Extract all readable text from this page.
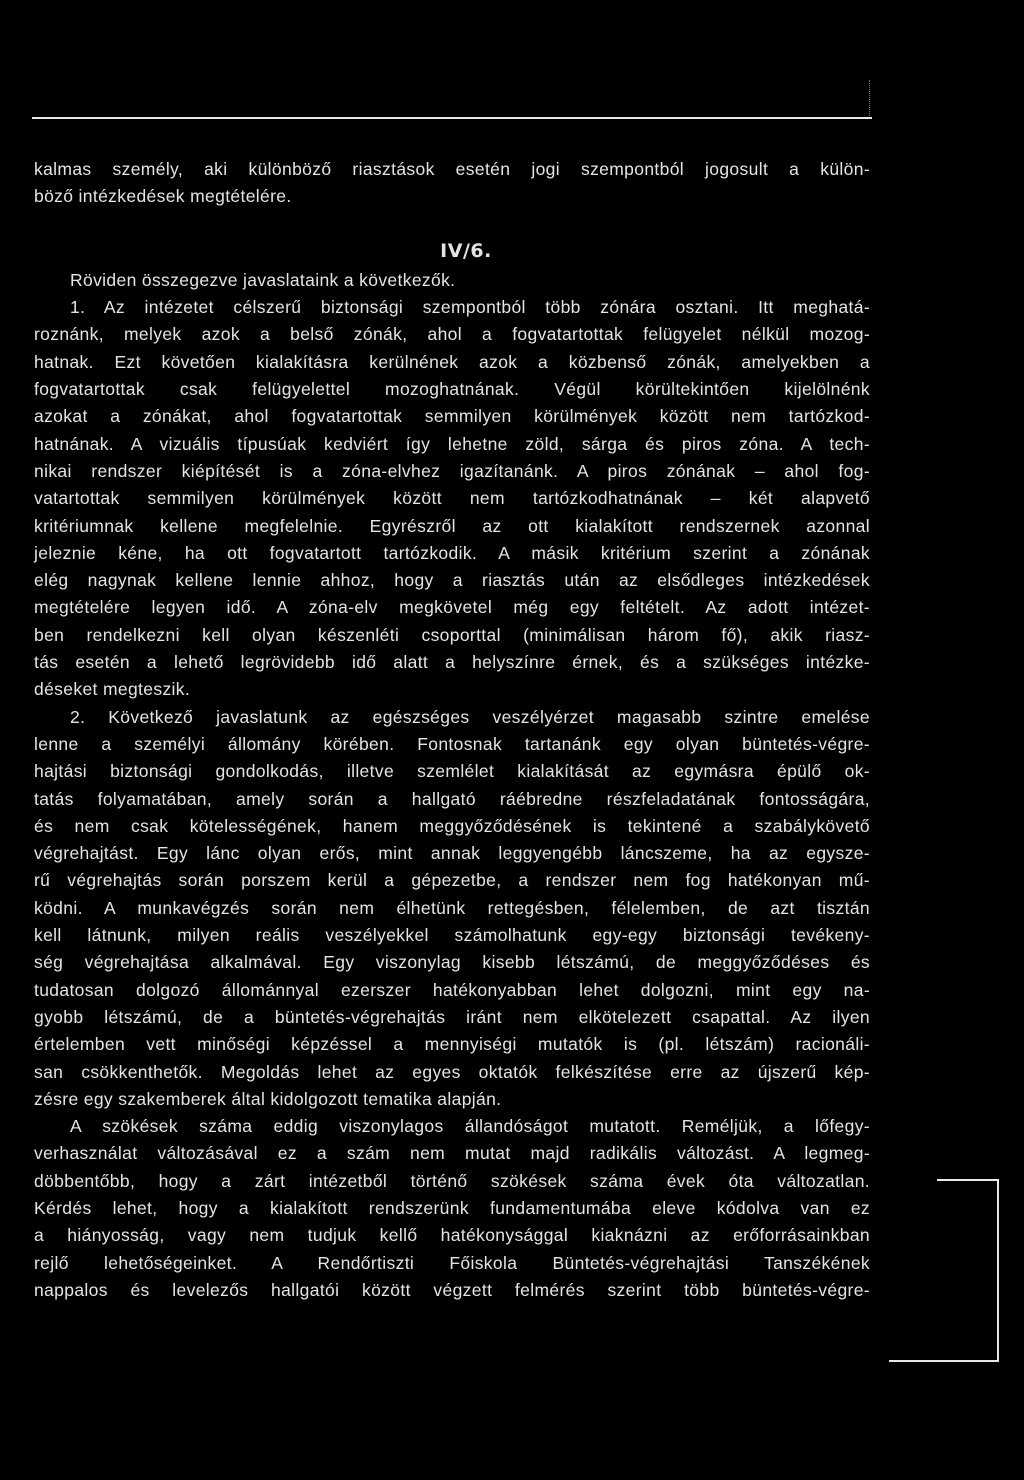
kalmas személy, aki különböző riasztások esetén jogi szempontból jogosult a külön-
böző intézkedések megtételére.
IV/6.
Röviden összegezve javaslataink a következők.
1. Az intézetet célszerű biztonsági szempontból több zónára osztani. Itt meghatá-
roznánk, melyek azok a belső zónák, ahol a fogvatartottak felügyelet nélkül mozog-
hatnak. Ezt követően kialakításra kerülnének azok a közbenső zónák, amelyekben a
fogvatartottak csak felügyelettel mozoghatnának. Végül körültekintően kijelölnénk
azokat a zónákat, ahol fogvatartottak semmilyen körülmények között nem tartózkod-
hatnának. A vizuális típusúak kedviért így lehetne zöld, sárga és piros zóna. A tech-
nikai rendszer kiépítését is a zóna-elvhez igazítanánk. A piros zónának – ahol fog-
vatartottak semmilyen körülmények között nem tartózkodhatnának – két alapvető
kritériumnak kellene megfelelnie. Egyrészről az ott kialakított rendszernek azonnal
jeleznie kéne, ha ott fogvatartott tartózkodik. A másik kritérium szerint a zónának
elég nagynak kellene lennie ahhoz, hogy a riasztás után az elsődleges intézkedések
megtételére legyen idő. A zóna-elv megkövetel még egy feltételt. Az adott intézet-
ben rendelkezni kell olyan készenléti csoporttal (minimálisan három fő), akik riasz-
tás esetén a lehető legrövidebb idő alatt a helyszínre érnek, és a szükséges intézke-
déseket megteszik.
2. Következő javaslatunk az egészséges veszélyérzet magasabb szintre emelése
lenne a személyi állomány körében. Fontosnak tartanánk egy olyan büntetés-végre-
hajtási biztonsági gondolkodás, illetve szemlélet kialakítását az egymásra épülő ok-
tatás folyamatában, amely során a hallgató ráébredne részfeladatának fontosságára,
és nem csak kötelességének, hanem meggyőződésének is tekintené a szabálykövető
végrehajtást. Egy lánc olyan erős, mint annak leggyengébb láncszeme, ha az egysze-
rű végrehajtás során porszem kerül a gépezetbe, a rendszer nem fog hatékonyan mű-
ködni. A munkavégzés során nem élhetünk rettegésben, félelemben, de azt tisztán
kell látnunk, milyen reális veszélyekkel számolhatunk egy-egy biztonsági tevékeny-
ség végrehajtása alkalmával. Egy viszonylag kisebb létszámú, de meggyőződéses és
tudatosan dolgozó állománnyal ezerszer hatékonyabban lehet dolgozni, mint egy na-
gyobb létszámú, de a büntetés-végrehajtás iránt nem elkötelezett csapattal. Az ilyen
értelemben vett minőségi képzéssel a mennyiségi mutatók is (pl. létszám) racionáli-
san csökkenthetők. Megoldás lehet az egyes oktatók felkészítése erre az újszerű kép-
zésre egy szakemberek által kidolgozott tematika alapján.
A szökések száma eddig viszonylagos állandóságot mutatott. Reméljük, a lőfegy-
verhasználat változásával ez a szám nem mutat majd radikális változást. A legmeg-
döbbentőbb, hogy a zárt intézetből történő szökések száma évek óta változatlan.
Kérdés lehet, hogy a kialakított rendszerünk fundamentumába eleve kódolva van ez
a hiányosság, vagy nem tudjuk kellő hatékonysággal kiaknázni az erőforrásainkban
rejlő lehetőségeinket. A Rendőrtiszti Főiskola Büntetés-végrehajtási Tanszékének
nappalos és levelezős hallgatói között végzett felmérés szerint több büntetés-végre-
